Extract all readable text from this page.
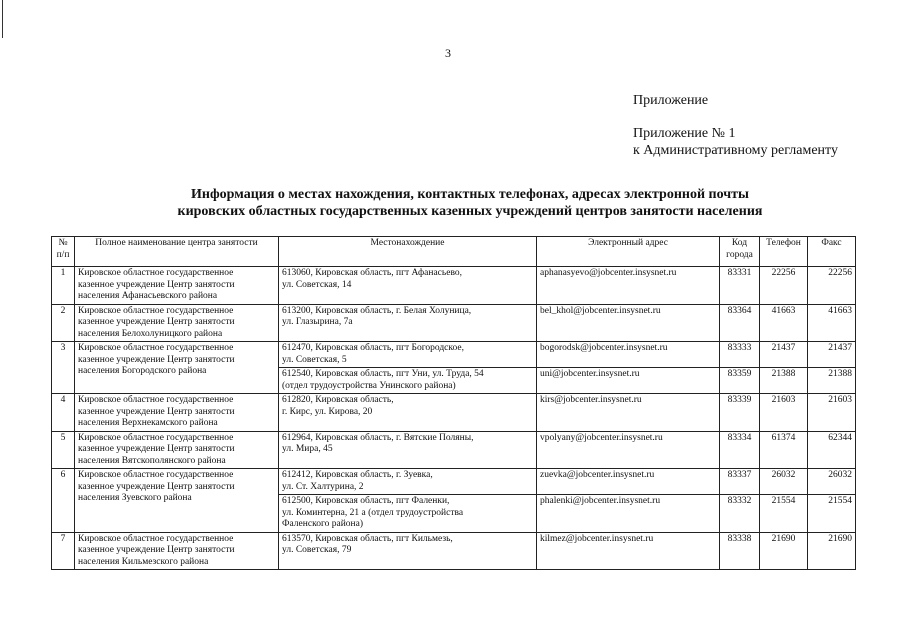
3
Приложение
Приложение № 1
к Административному регламенту
Информация о местах нахождения, контактных телефонах, адресах электронной почты
кировских областных государственных казенных учреждений центров занятости населения
№
п/п	Полное наименование центра занятости	Местонахождение	Электронный адрес	Код
города	Телефон	Факс
1	Кировское областное государственное
казенное учреждение Центр занятости
населения Афанасьевского района	613060, Кировская область, пгт Афанасьево,
ул. Советская, 14	aphanasyevo@jobcenter.insysnet.ru	83331	22256	22256
2	Кировское областное государственное
казенное учреждение Центр занятости
населения Белохолуницкого района	613200, Кировская область, г. Белая Холуница,
ул. Глазырина, 7а	bel_khol@jobcenter.insysnet.ru	83364	41663	41663
3	Кировское областное государственное
казенное учреждение Центр занятости
населения Богородского района	612470, Кировская область, пгт Богородское,
ул. Советская, 5	bogorodsk@jobcenter.insysnet.ru	83333	21437	21437
		612540, Кировская область, пгт Уни, ул. Труда, 54
(отдел трудоустройства Унинского района)	uni@jobcenter.insysnet.ru	83359	21388	21388
4	Кировское областное государственное
казенное учреждение Центр занятости
населения Верхнекамского района	612820, Кировская область,
г. Кирс, ул. Кирова, 20	kirs@jobcenter.insysnet.ru	83339	21603	21603
5	Кировское областное государственное
казенное учреждение Центр занятости
населения Вятскополянского района	612964, Кировская область, г. Вятские Поляны,
ул. Мира, 45	vpolyany@jobcenter.insysnet.ru	83334	61374	62344
6	Кировское областное государственное
казенное учреждение Центр занятости
населения Зуевского района	612412, Кировская область, г. Зуевка,
ул. Ст. Халтурина, 2	zuevka@jobcenter.insysnet.ru	83337	26032	26032
		612500, Кировская область, пгт Фаленки,
ул. Коминтерна, 21 а (отдел трудоустройства
Фаленского района)	phalenki@jobcenter.insysnet.ru	83332	21554	21554
7	Кировское областное государственное
казенное учреждение Центр занятости
населения Кильмезского района	613570, Кировская область, пгт Кильмезь,
ул. Советская, 79	kilmez@jobcenter.insysnet.ru	83338	21690	21690
